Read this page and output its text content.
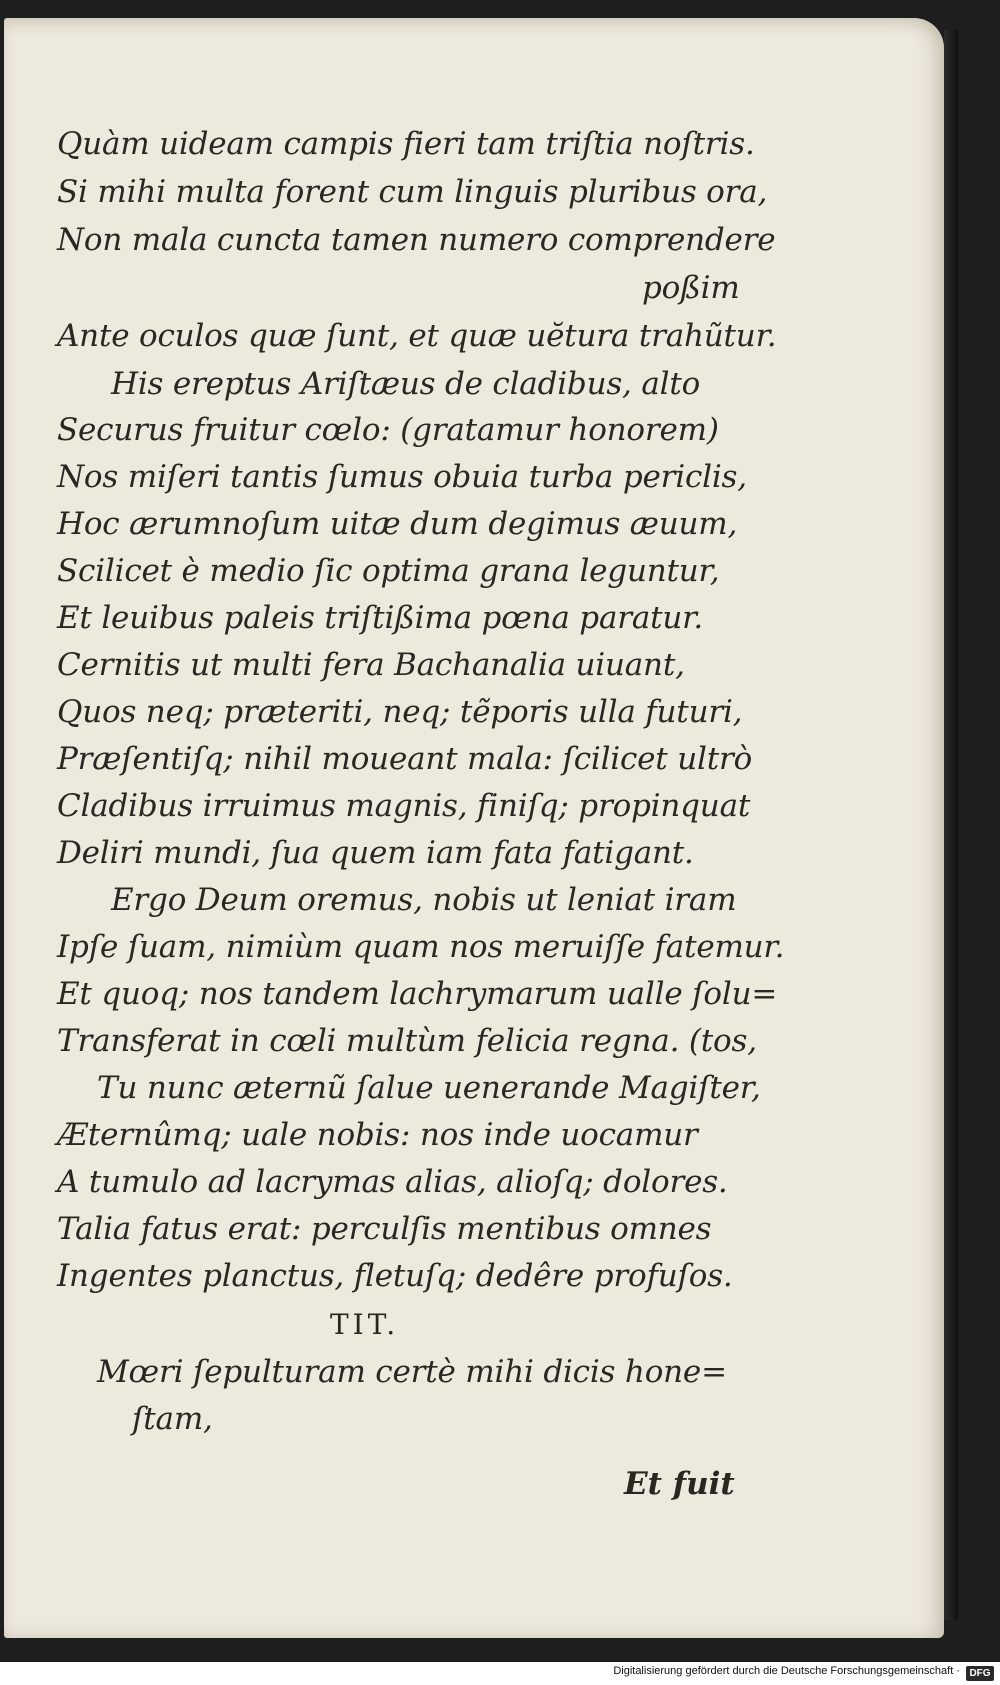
Quàm uideam campis fieri tam triſtia noſtris.
Si mihi multa forent cum linguis pluribus ora,
Non mala cuncta tamen numero comprendere
poßim
Ante oculos quæ ſunt, et quæ uĕtura trahũtur.
His ereptus Ariſtæus de cladibus, alto
Securus fruitur cœlo: (gratamur honorem)
Nos miſeri tantis ſumus obuia turba periclis,
Hoc ærumnoſum uitæ dum degimus æuum,
Scilicet è medio ſic optima grana leguntur,
Et leuibus paleis triſtißima pœna paratur.
Cernitis ut multi fera Bachanalia uiuant,
Quos neq; præteriti, neq; tẽporis ulla futuri,
Præſentiſq; nihil moueant mala: ſcilicet ultrò
Cladibus irruimus magnis, finiſq; propinquat
Deliri mundi, ſua quem iam fata fatigant.
Ergo Deum oremus, nobis ut leniat iram
Ipſe ſuam, nimiùm quam nos meruiſſe fatemur.
Et quoq; nos tandem lachrymarum ualle ſolu=
Transferat in cœli multùm felicia regna. (tos,
Tu nunc æternũ ſalue uenerande Magiſter,
Æternûmq; uale nobis: nos inde uocamur
A tumulo ad lacrymas alias, alioſq; dolores.
Talia fatus erat: perculſis mentibus omnes
Ingentes planctus, fletuſq; dedêre profuſos.
TIT.
Mœri ſepulturam certè mihi dicis hone=
ſtam,
Et fuit
Digitalisierung gefördert durch die Deutsche Forschungsgemeinschaft · DFG
